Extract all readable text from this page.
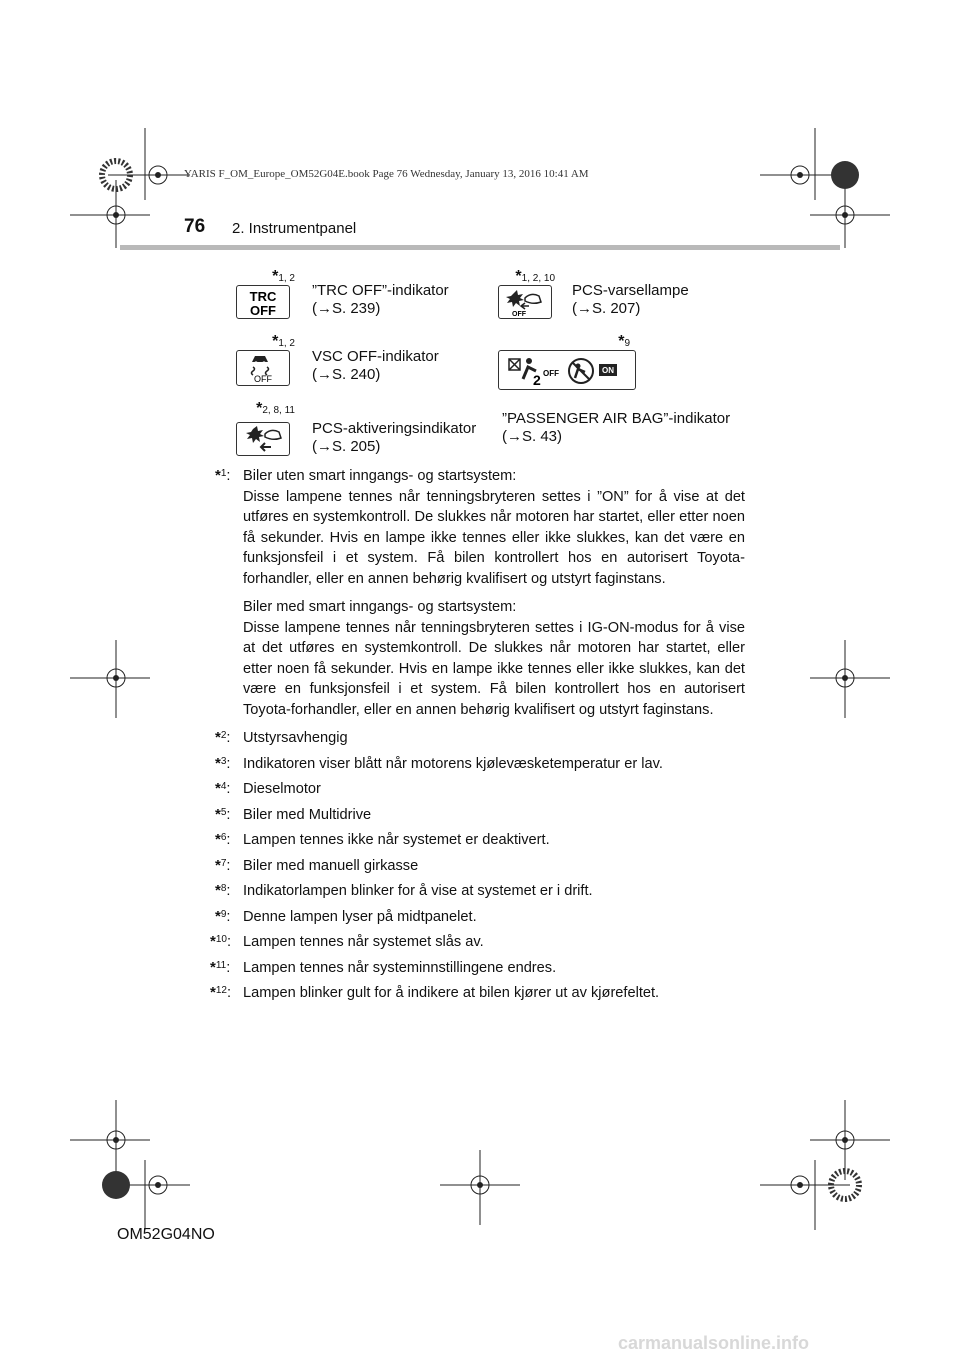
YARIS F_OM_Europe_OM52G04E.book Page 76 Wednesday, January 13, 2016 10:41 AM
76 2. Instrumentpanel
*1, 2
TRC
OFF
”TRC OFF”-indikator
(→S. 239)
*1, 2, 10
OFF
PCS-varsellampe
(→S. 207)
*1, 2
OFF
VSC OFF-indikator
(→S. 240)
*9
2 OFF	ON
*2, 8, 11
PCS-aktiveringsindikator
(→S. 205)
”PASSENGER AIR BAG”-indikator
(→S. 43)
*$^1$: Biler uten smart inngangs- og startsystem:
Disse lampene tennes når tenningsbryteren settes i ”ON” for å vise at det utføres en systemkontroll. De slukkes når motoren har startet, eller etter noen få sekunder. Hvis en lampe ikke tennes eller ikke slukkes, kan det være en funksjonsfeil i et system. Få bilen kontrollert hos en autorisert Toyota-forhandler, eller en annen behørig kvalifisert og utstyrt faginstans.
Biler med smart inngangs- og startsystem:
Disse lampene tennes når tenningsbryteren settes i IG-ON-modus for å vise at det utføres en systemkontroll. De slukkes når motoren har startet, eller etter noen få sekunder. Hvis en lampe ikke tennes eller ikke slukkes, kan det være en funksjonsfeil i et system. Få bilen kontrollert hos en autorisert Toyota-forhandler, eller en annen behørig kvalifisert og utstyrt faginstans.
*$^2$: Utstyrsavhengig
*$^3$: Indikatoren viser blått når motorens kjølevæsketemperatur er lav.
*$^4$: Dieselmotor
*$^5$: Biler med Multidrive
*$^6$: Lampen tennes ikke når systemet er deaktivert.
*$^7$: Biler med manuell girkasse
*$^8$: Indikatorlampen blinker for å vise at systemet er i drift.
*$^9$: Denne lampen lyser på midtpanelet.
*$^{10}$: Lampen tennes når systemet slås av.
*$^{11}$: Lampen tennes når systeminnstillingene endres.
*$^{12}$: Lampen blinker gult for å indikere at bilen kjører ut av kjørefeltet.
OM52G04NO
carmanualsonline.info
